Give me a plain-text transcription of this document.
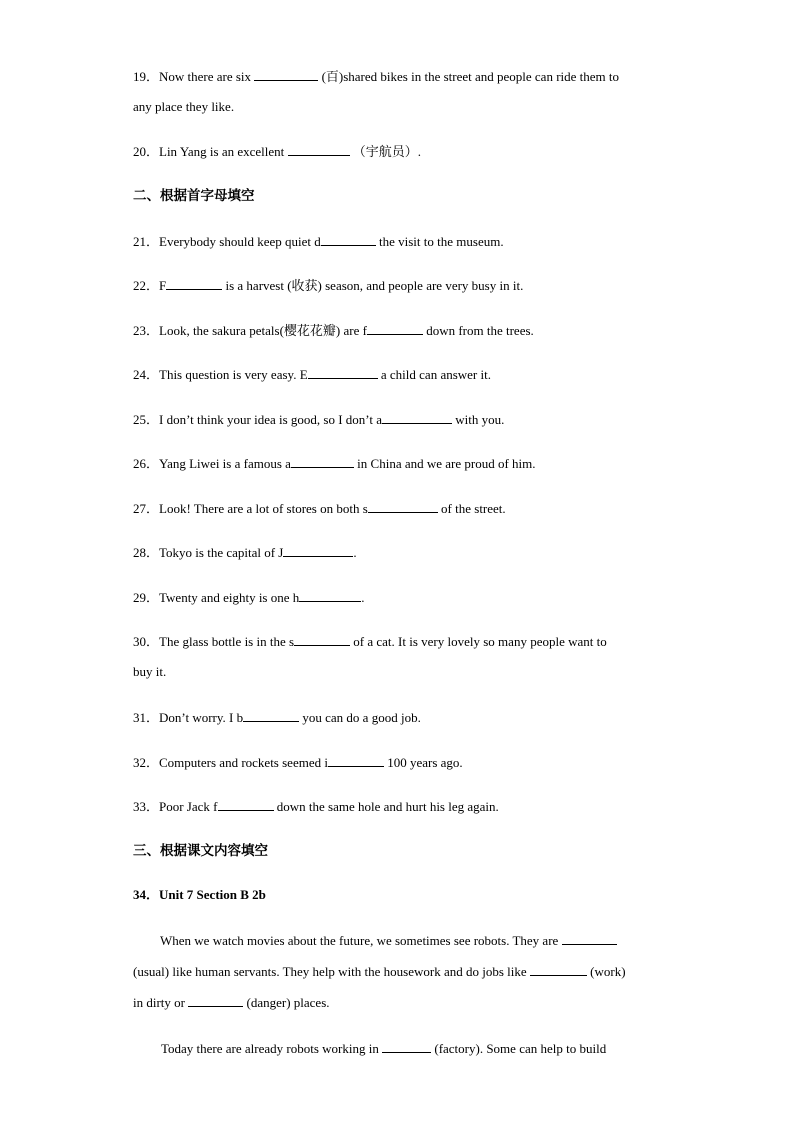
19．Now there are six	(百)shared bikes in the street and people can ride them to
any place they like.
20．Lin Yang is an excellent	（宇航员）.
二、根据首字母填空
21．Everybody should keep quiet d	the visit to the museum.
22．F	is a harvest (收获) season, and people are very busy in it.
23．Look, the sakura petals(樱花花瓣) are f	down from the trees.
24．This question is very easy. E	a child can answer it.
25．I don’t think your idea is good, so I don’t a	with you.
26．Yang Liwei is a famous a	in China and we are proud of him.
27．Look! There are a lot of stores on both s	of the street.
28．Tokyo is the capital of J	.
29．Twenty and eighty is one h	.
30．The glass bottle is in the s	of a cat. It is very lovely so many people want to
buy it.
31．Don’t worry. I b	you can do a good job.
32．Computers and rockets seemed i	100 years ago.
33．Poor Jack f	down the same hole and hurt his leg again.
三、根据课文内容填空
34．Unit 7 Section B 2b
When we watch movies about the future, we sometimes see robots. They are
(usual) like human servants. They help with the housework and do jobs like	(work)
in dirty or	(danger) places.
Today there are already robots working in	(factory). Some can help to build
